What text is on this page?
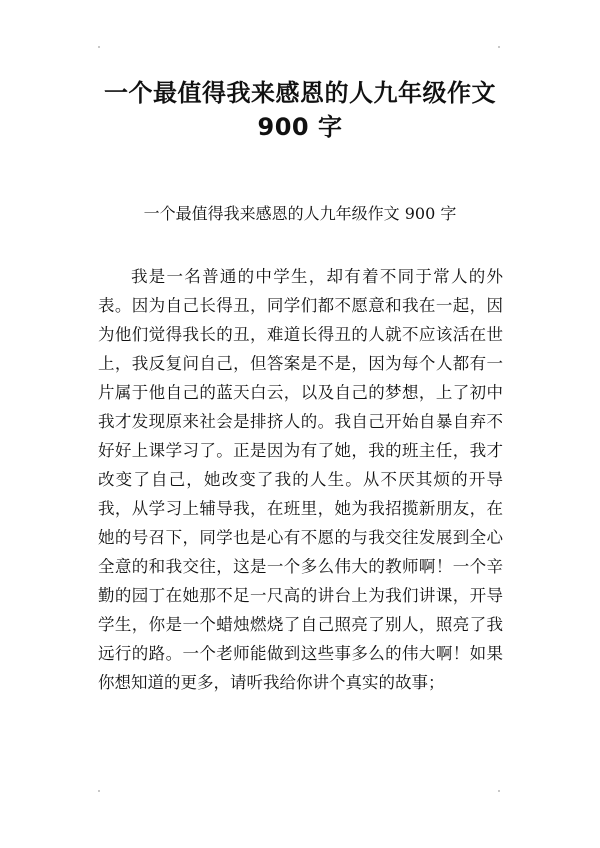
一个最值得我来感恩的人九年级作文
900 字

一个最值得我来感恩的人九年级作文 900 字

我是一名普通的中学生，却有着不同于常人的外表。因为自己长得丑，同学们都不愿意和我在一起，因为他们觉得我长的丑，难道长得丑的人就不应该活在世上，我反复问自己，但答案是不是，因为每个人都有一片属于他自己的蓝天白云，以及自己的梦想，上了初中我才发现原来社会是排挤人的。我自己开始自暴自弃不好好上课学习了。正是因为有了她，我的班主任，我才改变了自己，她改变了我的人生。从不厌其烦的开导我，从学习上辅导我，在班里，她为我招揽新朋友，在她的号召下，同学也是心有不愿的与我交往发展到全心全意的和我交往，这是一个多么伟大的教师啊！一个辛勤的园丁在她那不足一尺高的讲台上为我们讲课，开导学生，你是一个蜡烛燃烧了自己照亮了别人，照亮了我远行的路。一个老师能做到这些事多么的伟大啊！如果你想知道的更多，请听我给你讲个真实的故事；
